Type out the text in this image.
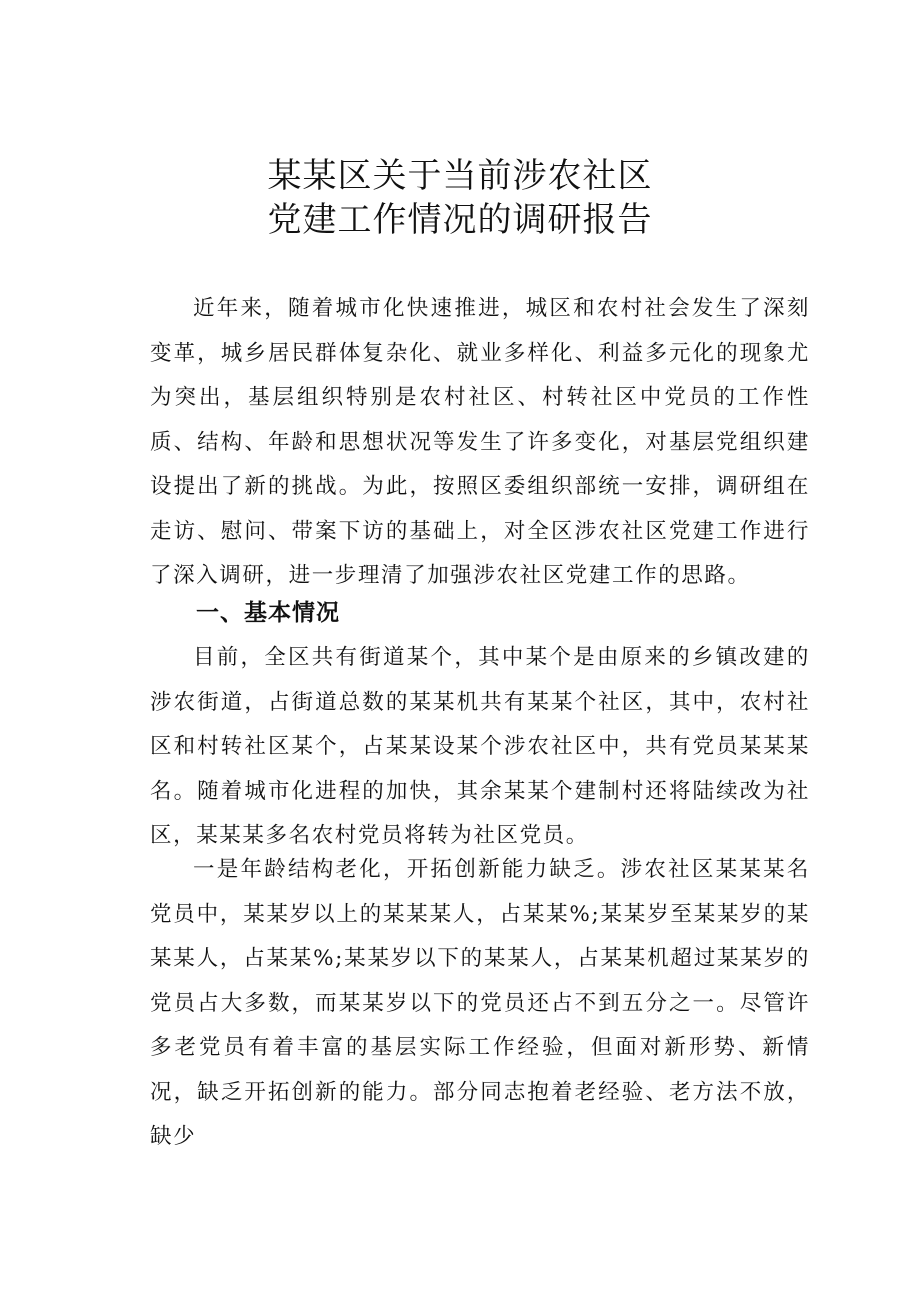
某某区关于当前涉农社区
党建工作情况的调研报告

近年来，随着城市化快速推进，城区和农村社会发生了深刻变革，城乡居民群体复杂化、就业多样化、利益多元化的现象尤为突出，基层组织特别是农村社区、村转社区中党员的工作性质、结构、年龄和思想状况等发生了许多变化，对基层党组织建设提出了新的挑战。为此，按照区委组织部统一安排，调研组在走访、慰问、带案下访的基础上，对全区涉农社区党建工作进行了深入调研，进一步理清了加强涉农社区党建工作的思路。

一、基本情况

目前，全区共有街道某个，其中某个是由原来的乡镇改建的涉农街道，占街道总数的某某机共有某某个社区，其中，农村社区和村转社区某个，占某某设某个涉农社区中，共有党员某某某名。随着城市化进程的加快，其余某某个建制村还将陆续改为社区，某某某多名农村党员将转为社区党员。

一是年龄结构老化，开拓创新能力缺乏。涉农社区某某某名党员中，某某岁以上的某某某人，占某某%;某某岁至某某岁的某某某人，占某某%;某某岁以下的某某人，占某某机超过某某岁的党员占大多数，而某某岁以下的党员还占不到五分之一。尽管许多老党员有着丰富的基层实际工作经验，但面对新形势、新情况，缺乏开拓创新的能力。部分同志抱着老经验、老方法不放，缺少
